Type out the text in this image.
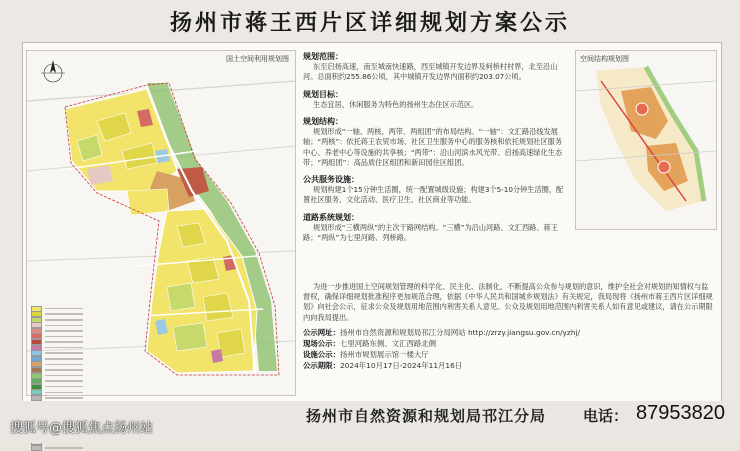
扬州市蒋王西片区详细规划方案公示
国土空间利用规划图 规划范围：
东至启扬高速，南至城南快速路，西至城镇开发边界及柯桥村村界，北至沿山河。总面积约255.86公顷，其中城镇开发边界内面积约203.07公顷。
规划目标：
生态宜居、休闲服务为特色的扬州生态住区示范区。
规划结构：
规划形成“一轴、两核、两带、两组团”的布局结构。“一轴”：文汇路沿线发展轴；“两核”：依托蒋王农贸市场、社区卫生服务中心的服务核和依托规划社区服务中心、养老中心等设施的共享核；“两带”：沿山河滨水风光带、启扬高速绿化生态带；“两组团”：高品质住区组团和新田园住区组团。
公共服务设施：
规划构建1个15分钟生活圈，统一配置城级设施；构建3个5-10分钟生活圈，配置社区服务、文化活动、医疗卫生、社区商业等功能。
道路系统规划：
规划形成“三横两纵”的主次干路网结构。“三横”为沿山河路、文汇西路、蒋王路；“两纵”为七里河路、列桥路。
为进一步推进国土空间规划管理的科学化、民主化、法制化，不断提高公众参与规划的意识，维护全社会对规划的知情权与监督权，确保详细规划批准程序更加规范合理，依据《中华人民共和国城乡规划法》有关规定，我局现将《扬州市蒋王西片区详细规划》向社会公示，征求公众及规划用地范围内利害关系人意见。公众及规划用地范围内利害关系人如有意见或建议，请在公示期限内向我局提出。
公示网址：扬州市自然资源和规划局邗江分局网站 http://zrzy.jiangsu.gov.cn/yzhj/
现场公示：七里河路东侧、文汇西路北侧
设施公示：扬州市规划展示馆一楼大厅
公示期限：2024年10月17日-2024年11月16日
空间结构规划图
扬州市自然资源和规划局邗江分局 电话： 87953820
搜狐号@搜狐焦点扬州站
